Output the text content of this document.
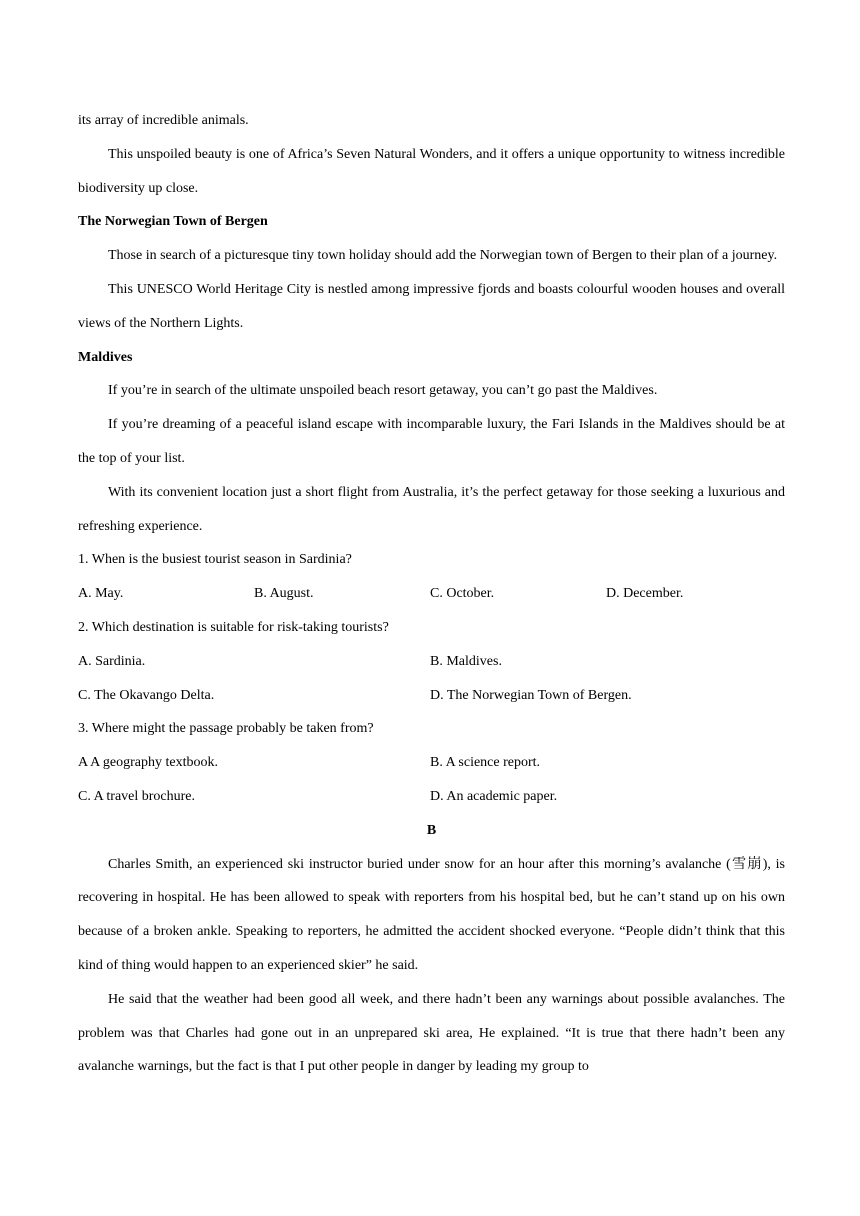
its array of incredible animals.

This unspoiled beauty is one of Africa’s Seven Natural Wonders, and it offers a unique opportunity to witness incredible biodiversity up close.

The Norwegian Town of Bergen

Those in search of a picturesque tiny town holiday should add the Norwegian town of Bergen to their plan of a journey.

This UNESCO World Heritage City is nestled among impressive fjords and boasts colourful wooden houses and overall views of the Northern Lights.

Maldives

If you’re in search of the ultimate unspoiled beach resort getaway, you can’t go past the Maldives.

If you’re dreaming of a peaceful island escape with incomparable luxury, the Fari Islands in the Maldives should be at the top of your list.

With its convenient location just a short flight from Australia, it’s the perfect getaway for those seeking a luxurious and refreshing experience.

1. When is the busiest tourist season in Sardinia?

A. May.	B. August.	C. October.	D. December.

2. Which destination is suitable for risk-taking tourists?

A. Sardinia.	B. Maldives.
C. The Okavango Delta.	D. The Norwegian Town of Bergen.

3. Where might the passage probably be taken from?

A A geography textbook.	B. A science report.
C. A travel brochure.	D. An academic paper.

B

Charles Smith, an experienced ski instructor buried under snow for an hour after this morning’s avalanche (雪崩), is recovering in hospital. He has been allowed to speak with reporters from his hospital bed, but he can’t stand up on his own because of a broken ankle. Speaking to reporters, he admitted the accident shocked everyone. “People didn’t think that this kind of thing would happen to an experienced skier” he said.

He said that the weather had been good all week, and there hadn’t been any warnings about possible avalanches. The problem was that Charles had gone out in an unprepared ski area, He explained. “It is true that there hadn’t been any avalanche warnings, but the fact is that I put other people in danger by leading my group to
